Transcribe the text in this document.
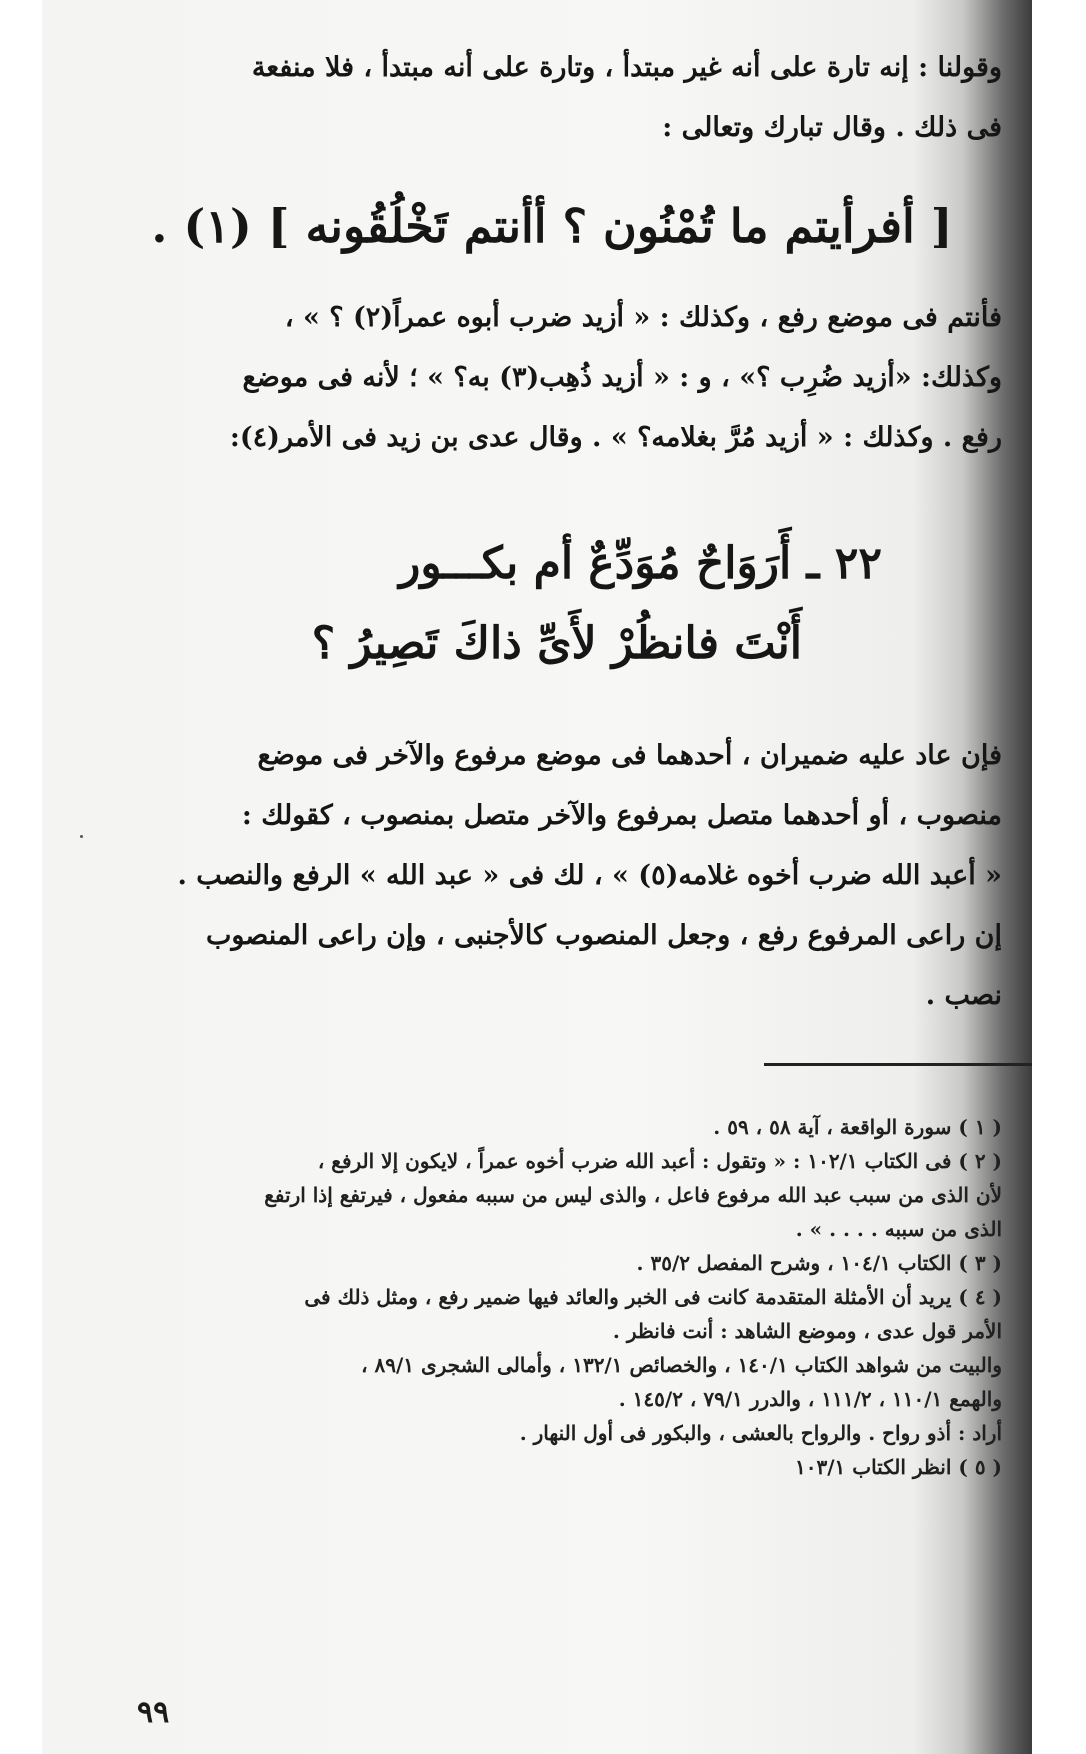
وقولنا : إنه تارة على أنه غير مبتدأ ، وتارة على أنه مبتدأ ، فلا منفعة
فى ذلك . وقال تبارك وتعالى :
[ أفرأيتم ما تُمْنُون ؟ أأنتم تَخْلُقُونه ] (١) .
فأنتم فى موضع رفع ، وكذلك : « أزيد ضرب أبوه عمراً(٢) ؟ » ،
وكذلك: «أزيد ضُرِب ؟» ، و : « أزيد ذُهِب(٣) به؟ » ؛ لأنه فى موضع
رفع . وكذلك : « أزيد مُرَّ بغلامه؟ » . وقال عدى بن زيد فى الأمر(٤):
٢٢ ـ أَرَوَاحٌ مُوَدِّعٌ أم بكـــور
أَنْتَ فانظُرْ لأَىِّ ذاكَ تَصِيرُ ؟
فإن عاد عليه ضميران ، أحدهما فى موضع مرفوع والآخر فى موضع
منصوب ، أو أحدهما متصل بمرفوع والآخر متصل بمنصوب ، كقولك :
« أعبد الله ضرب أخوه غلامه(٥) » ، لك فى « عبد الله » الرفع والنصب .
إن راعى المرفوع رفع ، وجعل المنصوب كالأجنبى ، وإن راعى المنصوب
نصب .
( ١ ) سورة الواقعة ، آية ٥٨ ، ٥٩ .
( ٢ ) فى الكتاب ١٠٢/١ : « وتقول : أعبد الله ضرب أخوه عمراً ، لايكون إلا الرفع ،
لأن الذى من سبب عبد الله مرفوع فاعل ، والذى ليس من سببه مفعول ، فيرتفع إذا ارتفع
الذى من سببه . . . . » .
( ٣ ) الكتاب ١٠٤/١ ، وشرح المفصل ٣٥/٢ .
( ٤ ) يريد أن الأمثلة المتقدمة كانت فى الخبر والعائد فيها ضمير رفع ، ومثل ذلك فى
الأمر قول عدى ، وموضع الشاهد : أنت فانظر .
والبيت من شواهد الكتاب ١٤٠/١ ، والخصائص ١٣٢/١ ، وأمالى الشجرى ٨٩/١ ،
والهمع ١١٠/١ ، ١١١/٢ ، والدرر ٧٩/١ ، ١٤٥/٢ .
أراد : أذو رواح . والرواح بالعشى ، والبكور فى أول النهار .
( ٥ ) انظر الكتاب ١٠٣/١
٩٩
